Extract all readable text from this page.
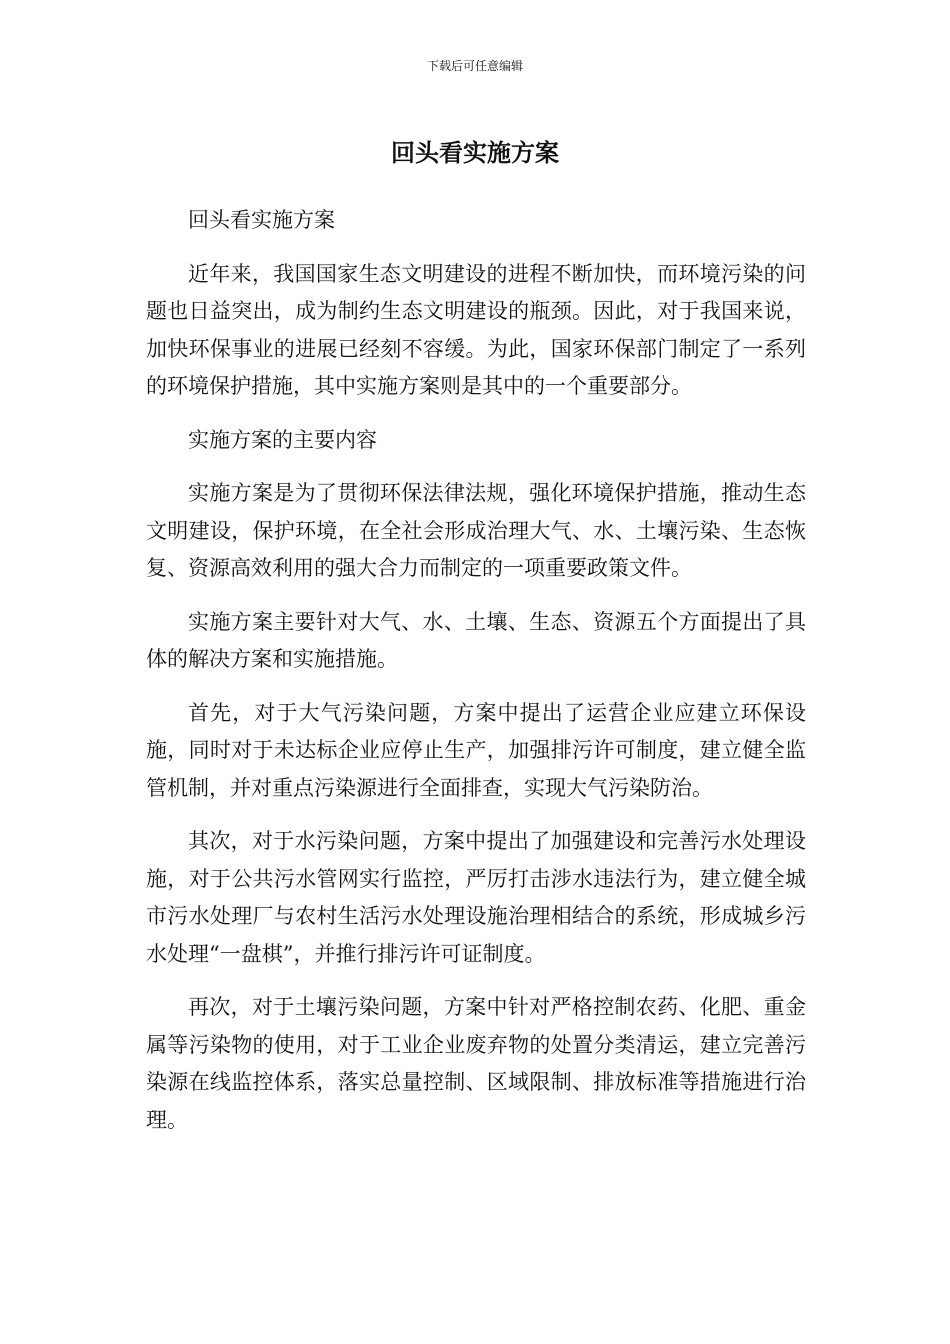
下载后可任意编辑
回头看实施方案

回头看实施方案

近年来，我国国家生态文明建设的进程不断加快，而环境污染的问题也日益突出，成为制约生态文明建设的瓶颈。因此，对于我国来说，加快环保事业的进展已经刻不容缓。为此，国家环保部门制定了一系列的环境保护措施，其中实施方案则是其中的一个重要部分。

实施方案的主要内容

实施方案是为了贯彻环保法律法规，强化环境保护措施，推动生态文明建设，保护环境，在全社会形成治理大气、水、土壤污染、生态恢复、资源高效利用的强大合力而制定的一项重要政策文件。

实施方案主要针对大气、水、土壤、生态、资源五个方面提出了具体的解决方案和实施措施。

首先，对于大气污染问题，方案中提出了运营企业应建立环保设施，同时对于未达标企业应停止生产，加强排污许可制度，建立健全监管机制，并对重点污染源进行全面排查，实现大气污染防治。

其次，对于水污染问题，方案中提出了加强建设和完善污水处理设施，对于公共污水管网实行监控，严厉打击涉水违法行为，建立健全城市污水处理厂与农村生活污水处理设施治理相结合的系统，形成城乡污水处理“一盘棋”，并推行排污许可证制度。

再次，对于土壤污染问题，方案中针对严格控制农药、化肥、重金属等污染物的使用，对于工业企业废弃物的处置分类清运，建立完善污染源在线监控体系，落实总量控制、区域限制、排放标准等措施进行治理。
